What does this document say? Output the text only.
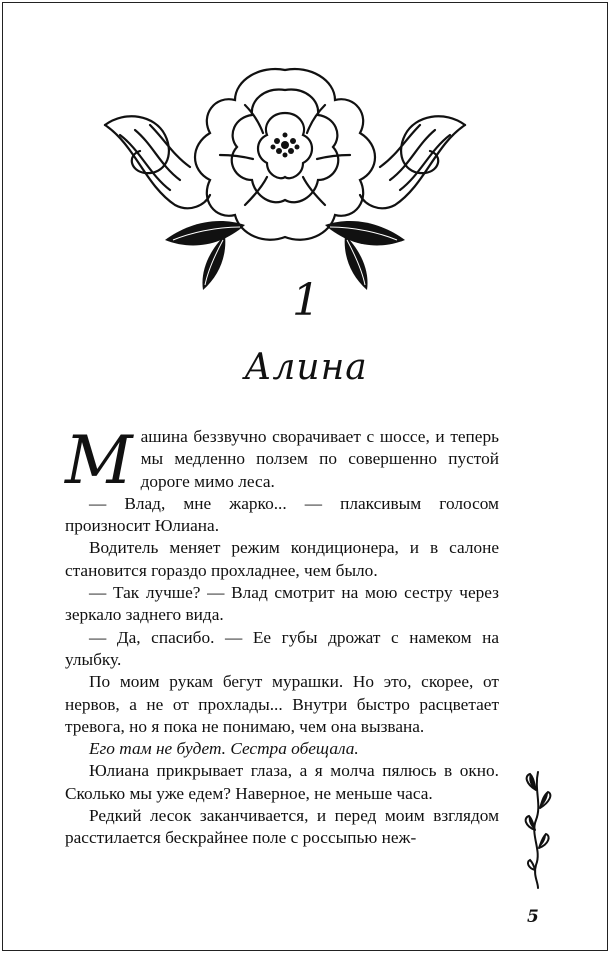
1
Алина

Машина беззвучно сворачивает с шоссе, и теперь мы медленно ползем по совершенно пустой дороге мимо леса.

— Влад, мне жарко... — плаксивым голосом произносит Юлиана.

Водитель меняет режим кондиционера, и в салоне становится гораздо прохладнее, чем было.

— Так лучше? — Влад смотрит на мою сестру через зеркало заднего вида.

— Да, спасибо. — Ее губы дрожат с намеком на улыбку.

По моим рукам бегут мурашки. Но это, скорее, от нервов, а не от прохлады... Внутри быстро расцветает тревога, но я пока не понимаю, чем она вызвана.

Его там не будет. Сестра обещала.

Юлиана прикрывает глаза, а я молча пялюсь в окно. Сколько мы уже едем? Наверное, не меньше часа.

Редкий лесок заканчивается, и перед моим взглядом расстилается бескрайнее поле с россыпью неж-

5
